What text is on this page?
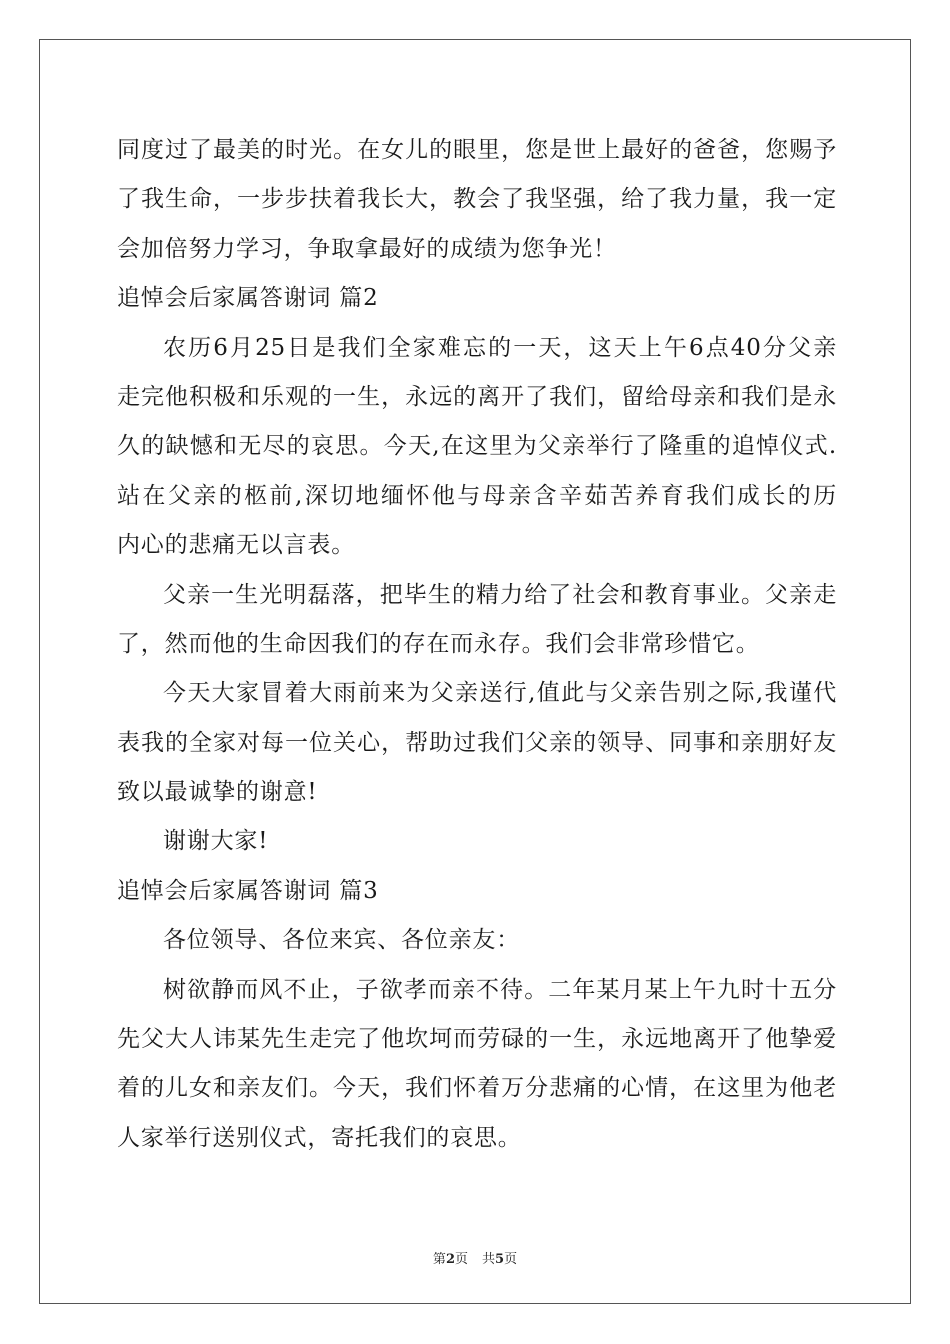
同度过了最美的时光。在女儿的眼里，您是世上最好的爸爸，您赐予
了我生命，一步步扶着我长大，教会了我坚强，给了我力量，我一定
会加倍努力学习，争取拿最好的成绩为您争光！
追悼会后家属答谢词 篇2
农历6月25日是我们全家难忘的一天，这天上午6点40分父亲
走完他积极和乐观的一生，永远的离开了我们，留给母亲和我们是永
久的缺憾和无尽的哀思。今天,在这里为父亲举行了隆重的追悼仪式.
站在父亲的柩前,深切地缅怀他与母亲含辛茹苦养育我们成长的历
内心的悲痛无以言表。
父亲一生光明磊落，把毕生的精力给了社会和教育事业。父亲走
了，然而他的生命因我们的存在而永存。我们会非常珍惜它。
今天大家冒着大雨前来为父亲送行,值此与父亲告别之际,我谨代
表我的全家对每一位关心，帮助过我们父亲的领导、同事和亲朋好友
致以最诚挚的谢意!
谢谢大家!
追悼会后家属答谢词 篇3
各位领导、各位来宾、各位亲友：
树欲静而风不止，子欲孝而亲不待。二年某月某上午九时十五分
先父大人讳某先生走完了他坎坷而劳碌的一生，永远地离开了他挚爱
着的儿女和亲友们。今天，我们怀着万分悲痛的心情，在这里为他老
人家举行送别仪式，寄托我们的哀思。
第2页 共5页
